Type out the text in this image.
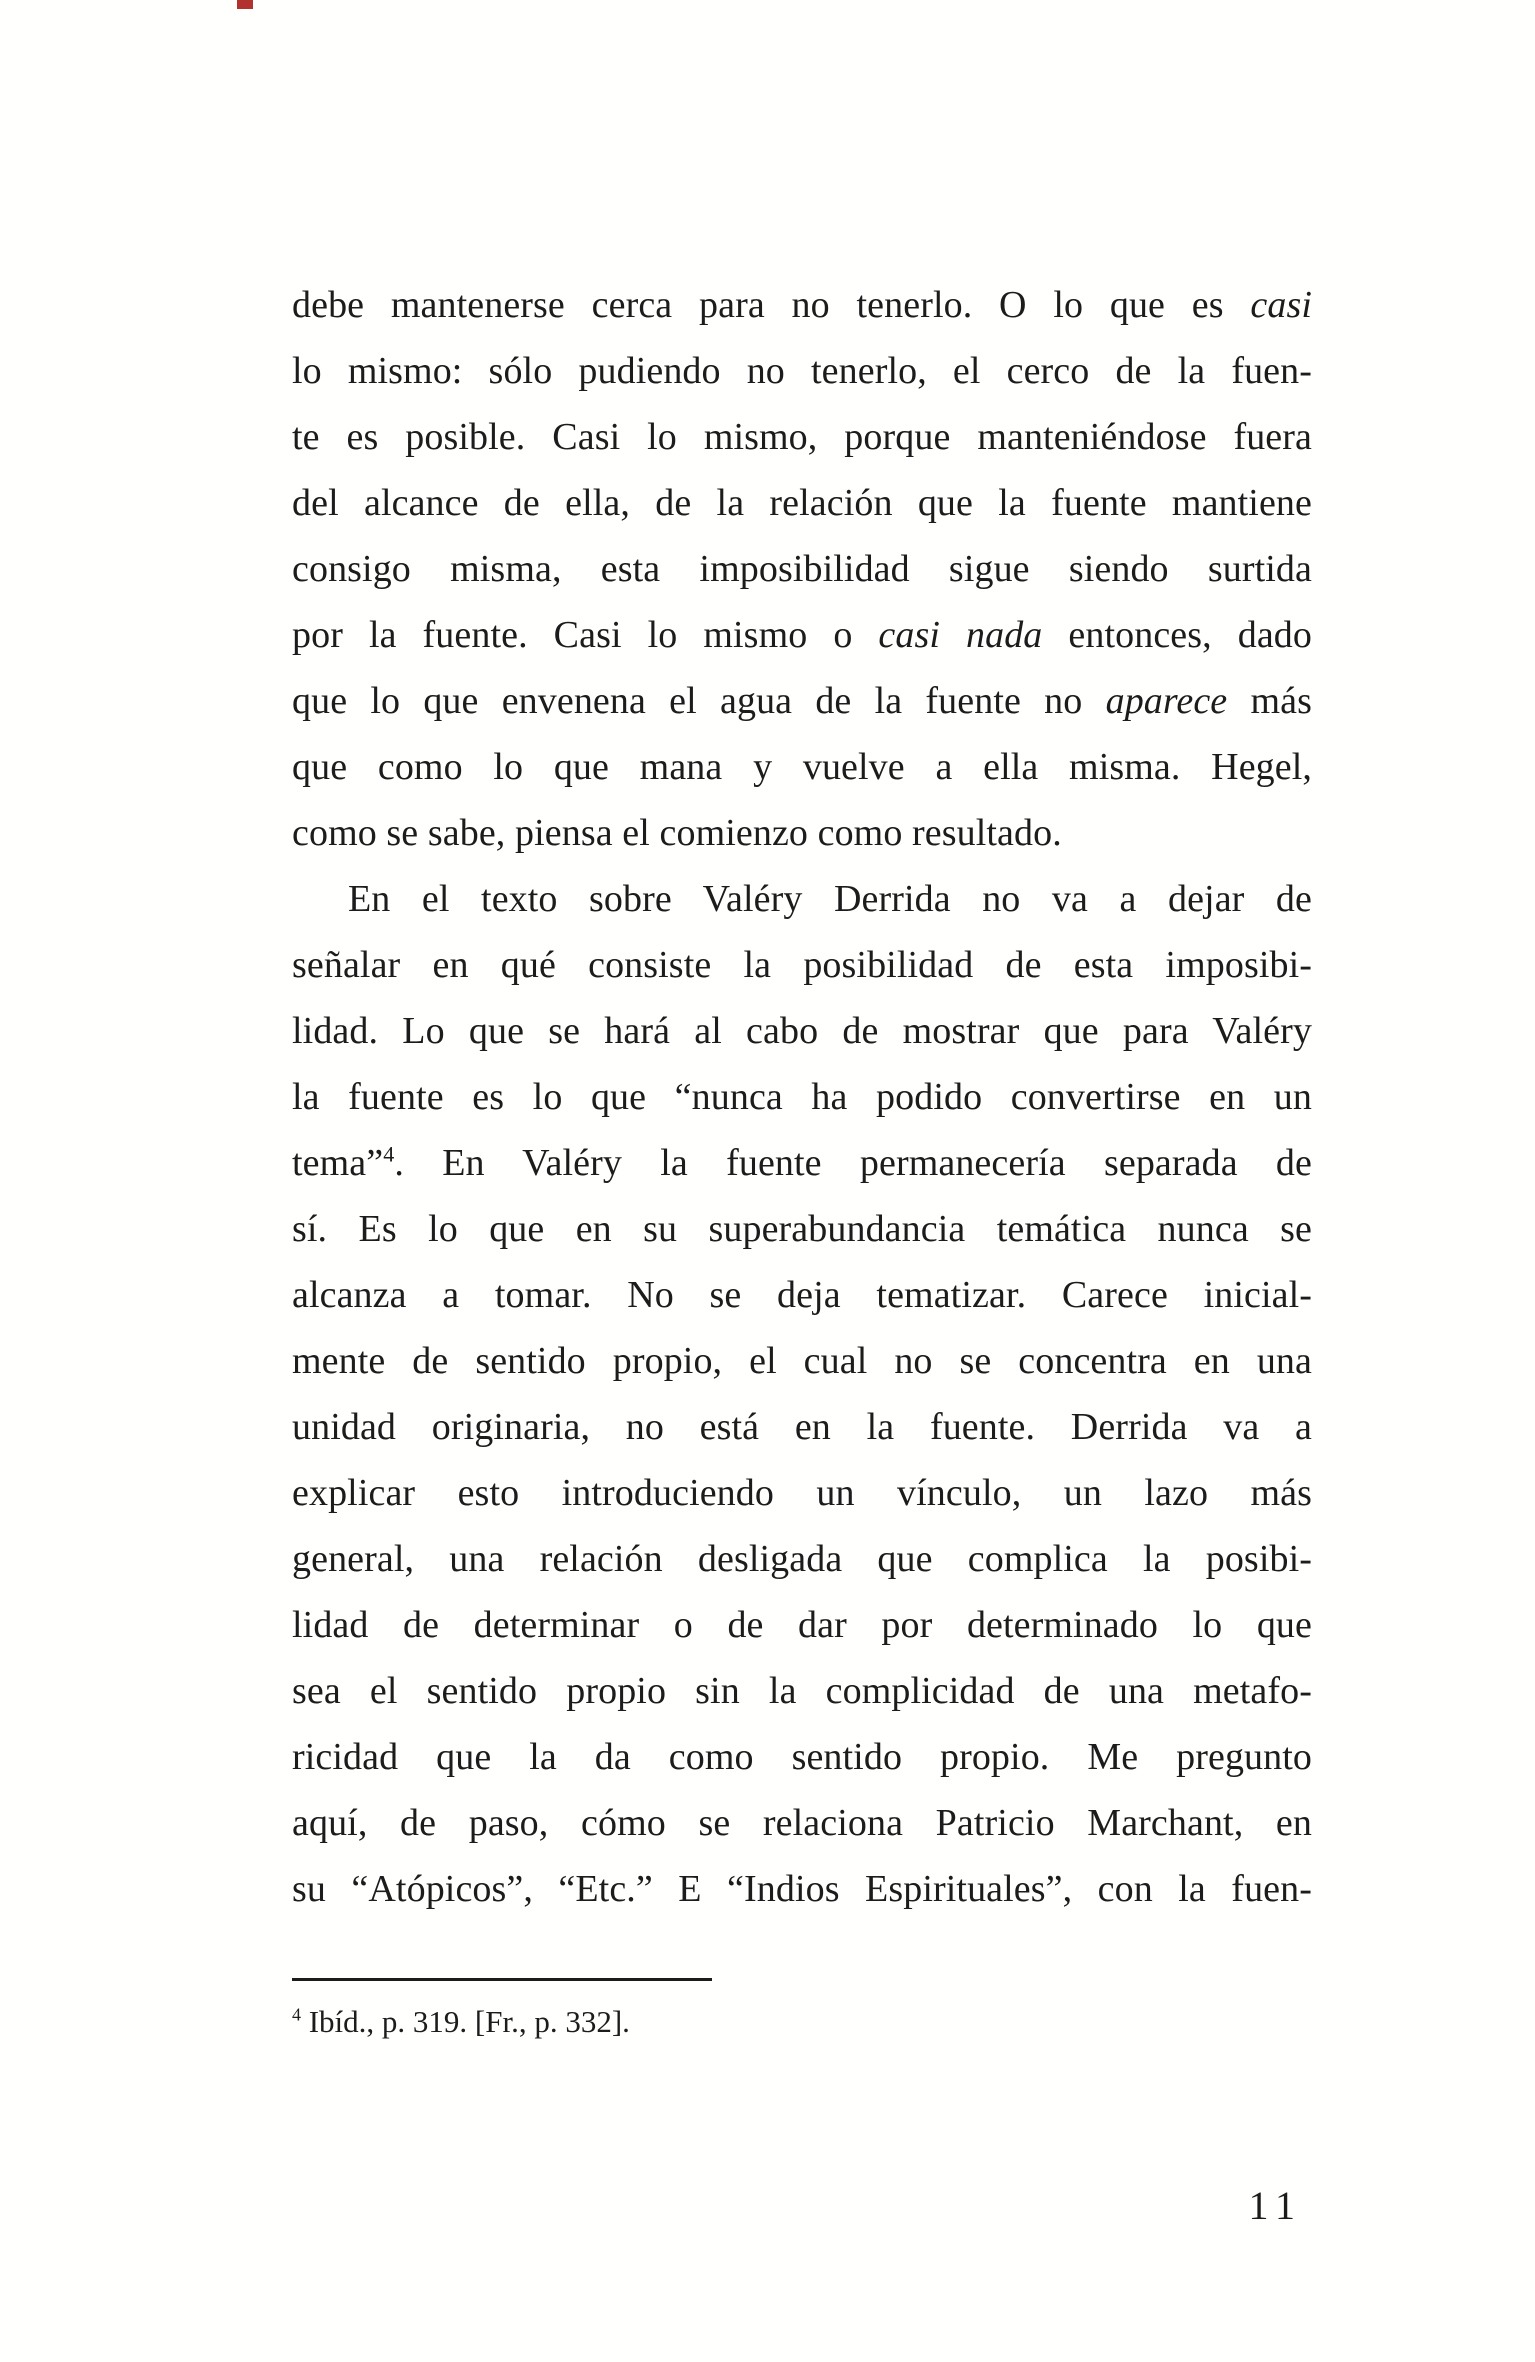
debe mantenerse cerca para no tenerlo. O lo que es casi
lo mismo: sólo pudiendo no tenerlo, el cerco de la fuen-
te es posible. Casi lo mismo, porque manteniéndose fuera
del alcance de ella, de la relación que la fuente mantiene
consigo misma, esta imposibilidad sigue siendo surtida
por la fuente. Casi lo mismo o casi nada entonces, dado
que lo que envenena el agua de la fuente no aparece más
que como lo que mana y vuelve a ella misma. Hegel,
como se sabe, piensa el comienzo como resultado.
En el texto sobre Valéry Derrida no va a dejar de
señalar en qué consiste la posibilidad de esta imposibi-
lidad. Lo que se hará al cabo de mostrar que para Valéry
la fuente es lo que “nunca ha podido convertirse en un
tema”$^4$. En Valéry la fuente permanecería separada de
sí. Es lo que en su superabundancia temática nunca se
alcanza a tomar. No se deja tematizar. Carece inicial-
mente de sentido propio, el cual no se concentra en una
unidad originaria, no está en la fuente. Derrida va a
explicar esto introduciendo un vínculo, un lazo más
general, una relación desligada que complica la posibi-
lidad de determinar o de dar por determinado lo que
sea el sentido propio sin la complicidad de una metafo-
ricidad que la da como sentido propio. Me pregunto
aquí, de paso, cómo se relaciona Patricio Marchant, en
su “Atópicos”, “Etc.” E “Indios Espirituales”, con la fuen-
$^4$ Ibíd., p. 319. [Fr., p. 332].
11
